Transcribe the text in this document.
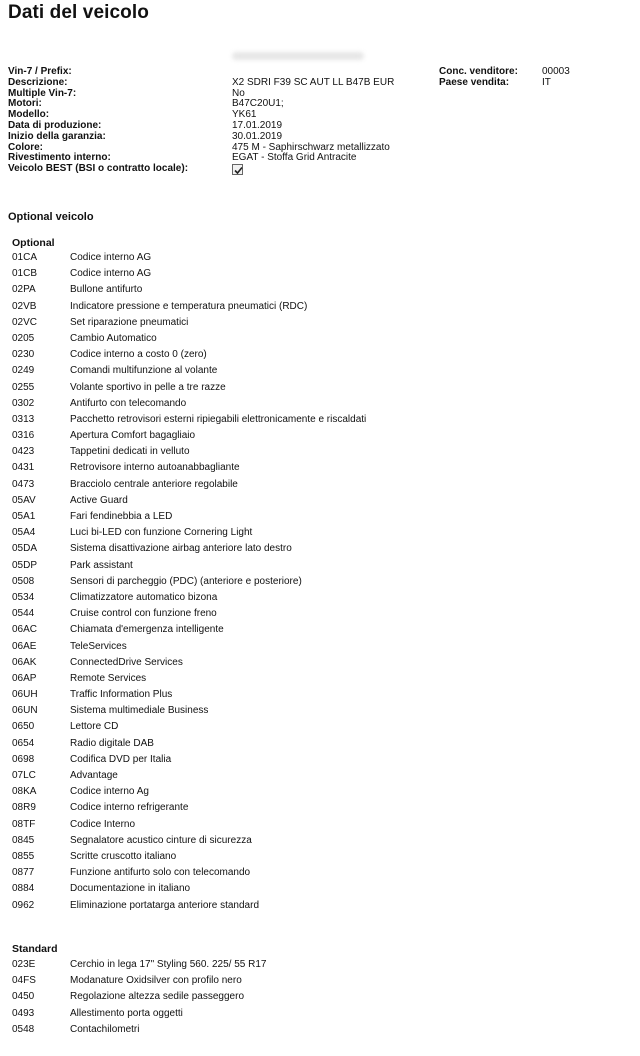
Dati del veicolo
Vin-7 / Prefix:	Conc. venditore: 00003
Descrizione:	X2 SDRI F39 SC AUT LL B47B EUR	Paese vendita:	IT
Multiple Vin-7:	No
Motori:	B47C20U1;
Modello:	YK61
Data di produzione:	17.01.2019
Inizio della garanzia:	30.01.2019
Colore:	475 M - Saphirschwarz metallizzato
Rivestimento interno:	EGAT - Stoffa Grid Antracite
Veicolo BEST (BSI o contratto locale):
Optional veicolo
Optional
01CA	Codice interno AG
01CB	Codice interno AG
02PA	Bullone antifurto
02VB	Indicatore pressione e temperatura pneumatici (RDC)
02VC	Set riparazione pneumatici
0205	Cambio Automatico
0230	Codice interno a costo 0 (zero)
0249	Comandi multifunzione al volante
0255	Volante sportivo in pelle a tre razze
0302	Antifurto con telecomando
0313	Pacchetto retrovisori esterni ripiegabili elettronicamente e riscaldati
0316	Apertura Comfort bagagliaio
0423	Tappetini dedicati in velluto
0431	Retrovisore interno autoanabbagliante
0473	Bracciolo centrale anteriore regolabile
05AV	Active Guard
05A1	Fari fendinebbia a LED
05A4	Luci bi-LED con funzione Cornering Light
05DA	Sistema disattivazione airbag anteriore lato destro
05DP	Park assistant
0508	Sensori di parcheggio (PDC) (anteriore e posteriore)
0534	Climatizzatore automatico bizona
0544	Cruise control con funzione freno
06AC	Chiamata d'emergenza intelligente
06AE	TeleServices
06AK	ConnectedDrive Services
06AP	Remote Services
06UH	Traffic Information Plus
06UN	Sistema multimediale Business
0650	Lettore CD
0654	Radio digitale DAB
0698	Codifica DVD per Italia
07LC	Advantage
08KA	Codice interno Ag
08R9	Codice interno refrigerante
08TF	Codice Interno
0845	Segnalatore acustico cinture di sicurezza
0855	Scritte cruscotto italiano
0877	Funzione antifurto solo con telecomando
0884	Documentazione in italiano
0962	Eliminazione portatarga anteriore standard
Standard
023E	Cerchio in lega 17" Styling 560. 225/ 55 R17
04FS	Modanature Oxidsilver con profilo nero
0450	Regolazione altezza sedile passeggero
0493	Allestimento porta oggetti
0548	Contachilometri
